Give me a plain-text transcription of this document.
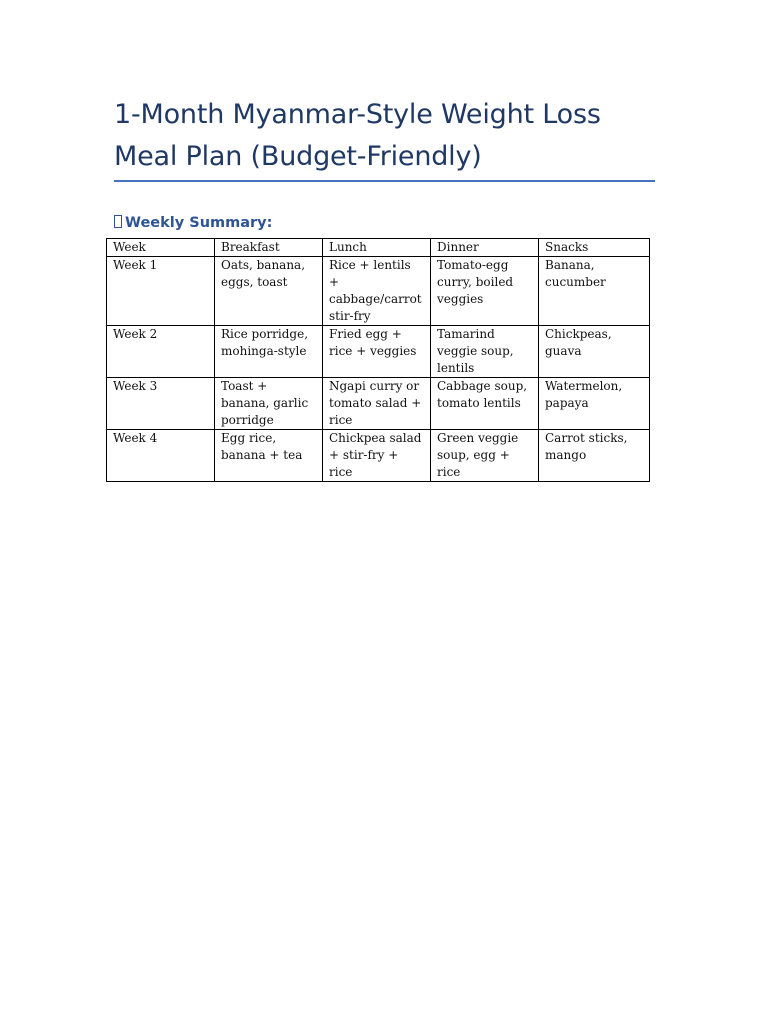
1-Month Myanmar-Style Weight Loss
Meal Plan (Budget-Friendly)
Weekly Summary:
Week	Breakfast	Lunch	Dinner	Snacks
Week 1	Oats, banana, eggs, toast	Rice + lentils + cabbage/carrot stir-fry	Tomato-egg curry, boiled veggies	Banana, cucumber
Week 2	Rice porridge, mohinga-style	Fried egg + rice + veggies	Tamarind veggie soup, lentils	Chickpeas, guava
Week 3	Toast + banana, garlic porridge	Ngapi curry or tomato salad + rice	Cabbage soup, tomato lentils	Watermelon, papaya
Week 4	Egg rice, banana + tea	Chickpea salad + stir-fry + rice	Green veggie soup, egg + rice	Carrot sticks, mango
